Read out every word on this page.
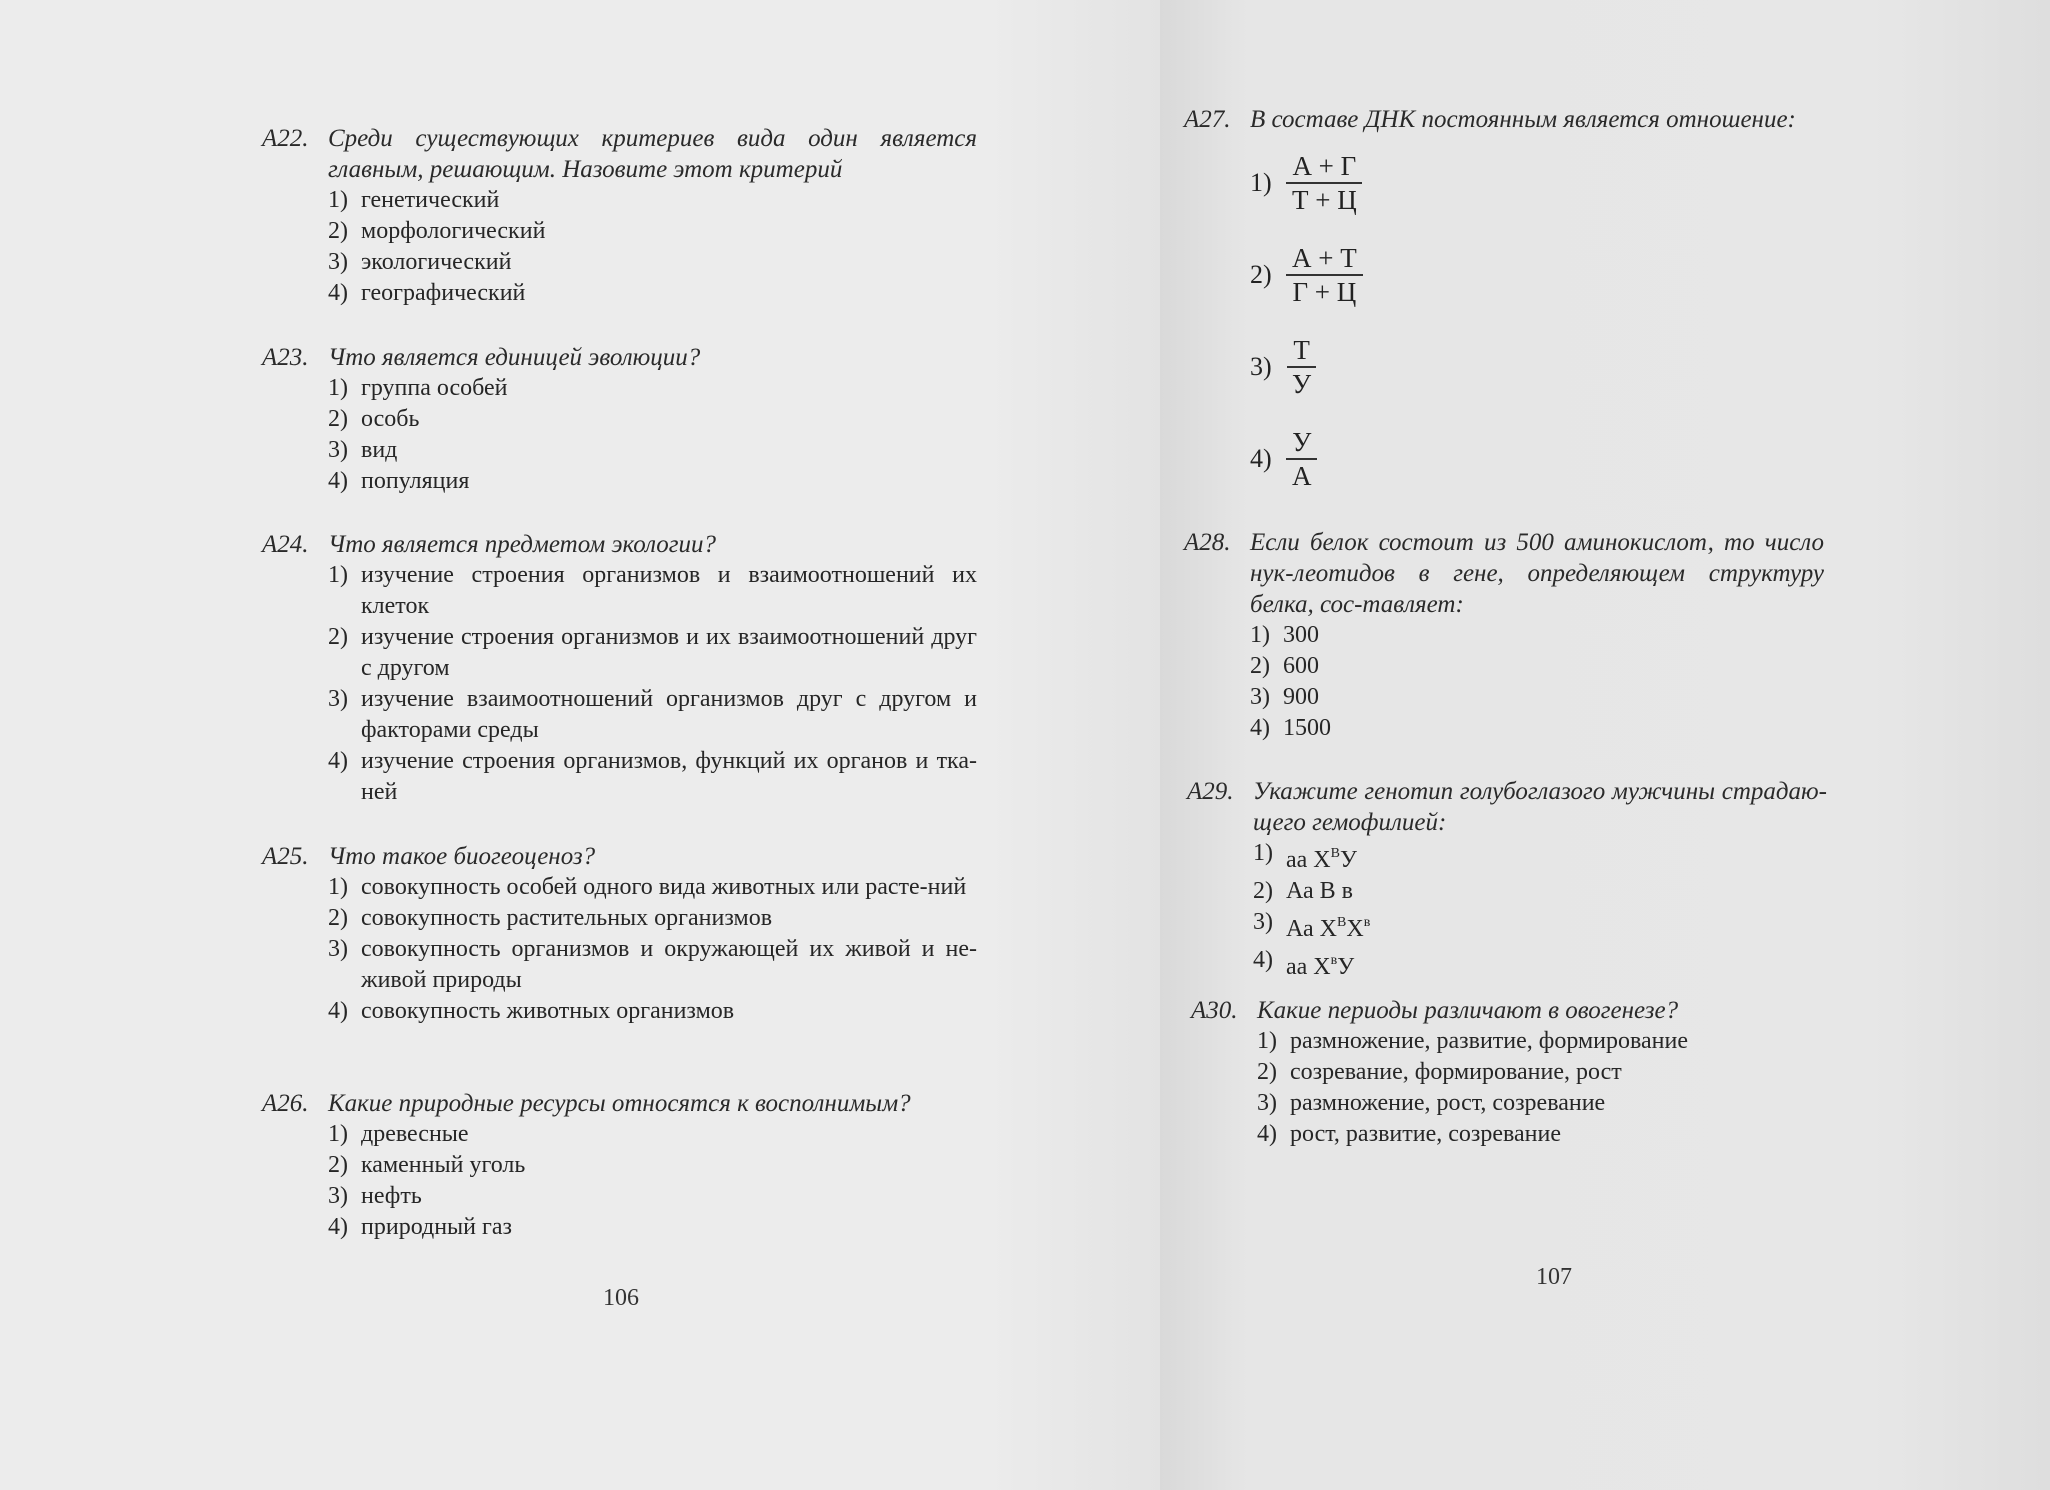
A22. Среди существующих критериев вида один является главным, решающим. Назовите этот критерий
1) генетический
2) морфологический
3) экологический
4) географический
A23. Что является единицей эволюции?
1) группа особей
2) особь
3) вид
4) популяция
A24. Что является предметом экологии?
1) изучение строения организмов и взаимоотношений их клеток
2) изучение строения организмов и их взаимоотношений друг с другом
3) изучение взаимоотношений организмов друг с другом и факторами среды
4) изучение строения организмов, функций их органов и тка-ней
A25. Что такое биогеоценоз?
1) совокупность особей одного вида животных или расте-ний
2) совокупность растительных организмов
3) совокупность организмов и окружающей их живой и не-живой природы
4) совокупность животных организмов
A26. Какие природные ресурсы относятся к восполнимым?
1) древесные
2) каменный уголь
3) нефть
4) природный газ
106
A27. В составе ДНК постоянным является отношение:
$1) \frac{А + Г}{Т + Ц}$
$2) \frac{А + Т}{Г + Ц}$
$3) \frac{Т}{У}$
$4) \frac{У}{А}$
A28. Если белок состоит из 500 аминокислот, то число нук-леотидов в гене, определяющем структуру белка, сос-тавляет:
1) 300
2) 600
3) 900
4) 1500
A29. Укажите генотип голубоглазого мужчины страдаю-щего гемофилией:
1) аа $X^ВУ$
2) Аа В в
3) Аа $X^ВX^в$
4) аа $X^вУ$
A30. Какие периоды различают в овогенезе?
1) размножение, развитие, формирование
2) созревание, формирование, рост
3) размножение, рост, созревание
4) рост, развитие, созревание
107
